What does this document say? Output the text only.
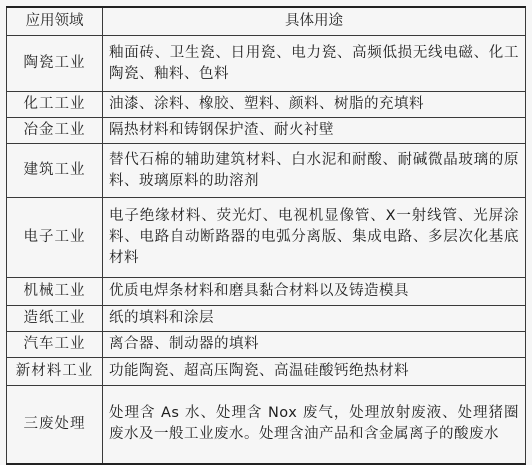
应用领域	具体用途
陶瓷工业	釉面砖、卫生瓷、日用瓷、电力瓷、高频低损无线电磁、化工陶瓷、釉料、色料
化工工业	油漆、涂料、橡胶、塑料、颜料、树脂的充填料
冶金工业	隔热材料和铸钢保护渣、耐火衬壁
建筑工业	替代石棉的辅助建筑材料、白水泥和耐酸、耐碱微晶玻璃的原料、玻璃原料的助溶剂
电子工业	电子绝缘材料、荧光灯、电视机显像管、X一射线管、光屏涂料、电路自动断路器的电弧分离版、集成电路、多层次化基底材料
机械工业	优质电焊条材料和磨具黏合材料以及铸造模具
造纸工业	纸的填料和涂层
汽车工业	离合器、制动器的填料
新材料工业	功能陶瓷、超高压陶瓷、高温硅酸钙绝热材料
三废处理	处理含 As 水、处理含 Nox 废气，处理放射废液、处理猪圈废水及一般工业废水。处理含油产品和含金属离子的酸废水
